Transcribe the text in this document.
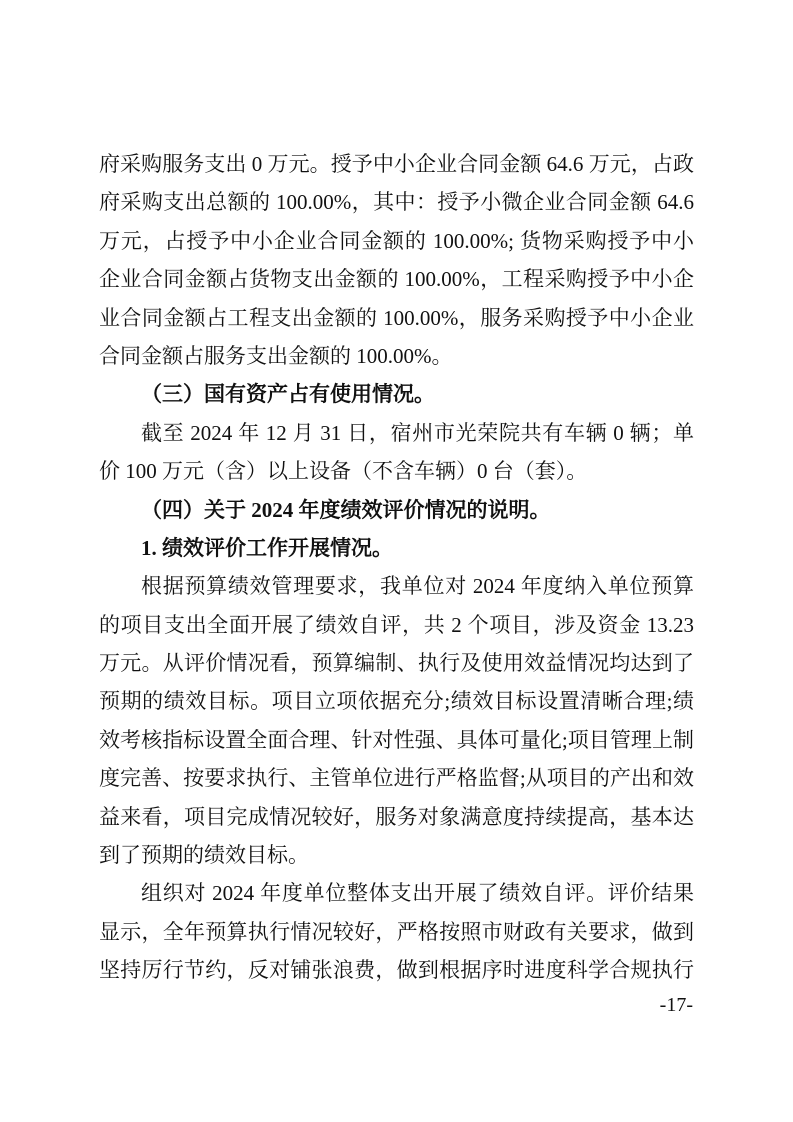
府采购服务支出 0 万元。授予中小企业合同金额 64.6 万元，占政
府采购支出总额的 100.00%，其中：授予小微企业合同金额 64.6
万元，占授予中小企业合同金额的 100.00%; 货物采购授予中小
企业合同金额占货物支出金额的 100.00%，工程采购授予中小企
业合同金额占工程支出金额的 100.00%，服务采购授予中小企业
合同金额占服务支出金额的 100.00%。
（三）国有资产占有使用情况。
截至 2024 年 12 月 31 日，宿州市光荣院共有车辆 0 辆；单
价 100 万元（含）以上设备（不含车辆）0 台（套）。
（四）关于 2024 年度绩效评价情况的说明。
1. 绩效评价工作开展情况。
根据预算绩效管理要求，我单位对 2024 年度纳入单位预算
的项目支出全面开展了绩效自评，共 2 个项目，涉及资金 13.23
万元。从评价情况看，预算编制、执行及使用效益情况均达到了
预期的绩效目标。项目立项依据充分;绩效目标设置清晰合理;绩
效考核指标设置全面合理、针对性强、具体可量化;项目管理上制
度完善、按要求执行、主管单位进行严格监督;从项目的产出和效
益来看，项目完成情况较好，服务对象满意度持续提高，基本达
到了预期的绩效目标。
组织对 2024 年度单位整体支出开展了绩效自评。评价结果
显示，全年预算执行情况较好，严格按照市财政有关要求，做到
坚持厉行节约，反对铺张浪费，做到根据序时进度科学合规执行
-17-
